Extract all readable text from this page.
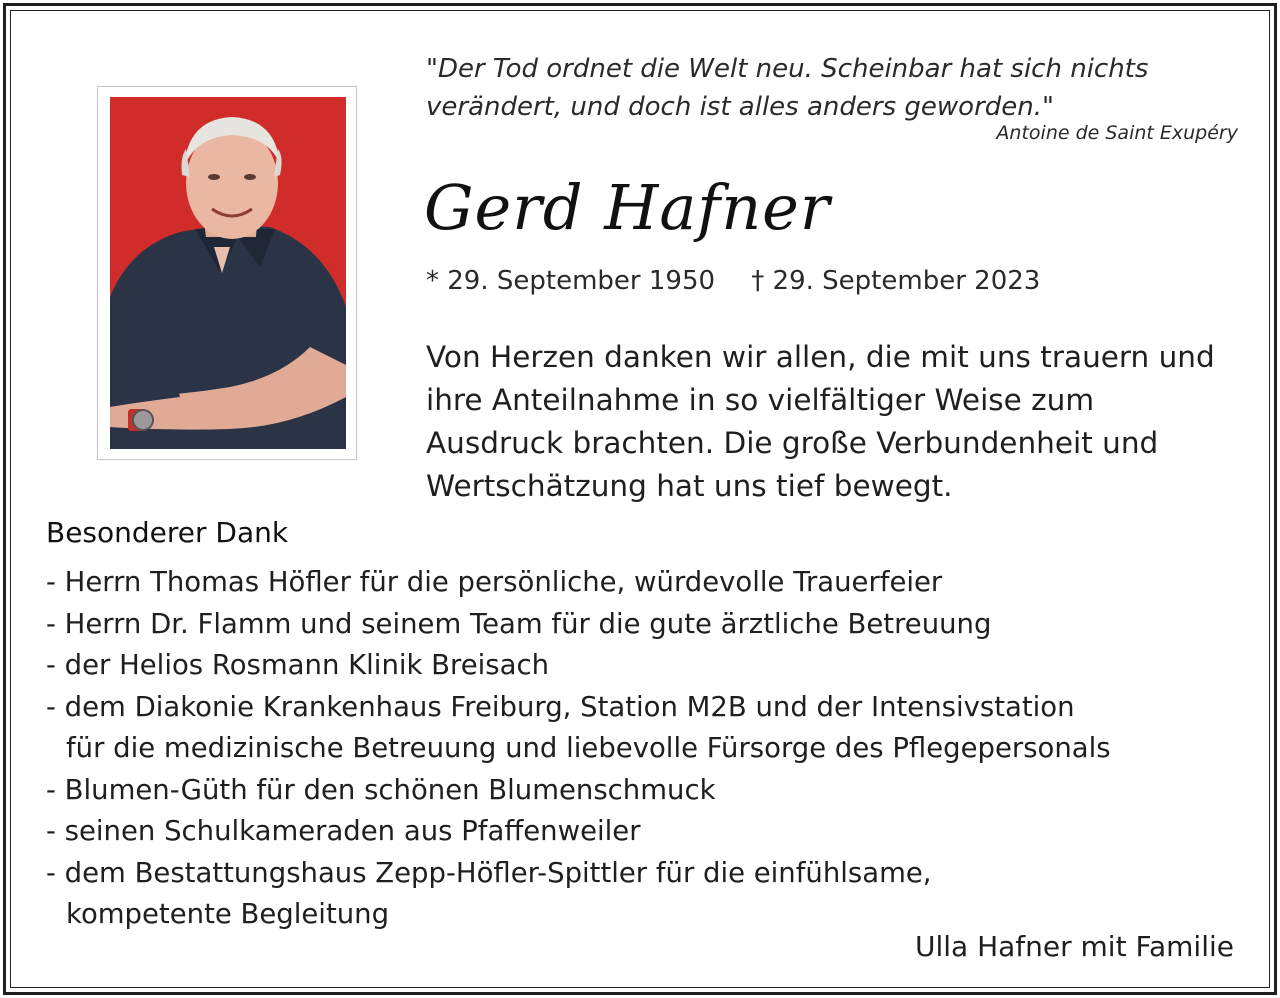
"Der Tod ordnet die Welt neu. Scheinbar hat sich nichts
verändert, und doch ist alles anders geworden."

Antoine de Saint Exupéry
Gerd Hafner
* 29. September 1950 † 29. September 2023

Von Herzen danken wir allen, die mit uns trauern und ihre Anteilnahme in so vielfältiger Weise zum Ausdruck brachten. Die große Verbundenheit und Wertschätzung hat uns tief bewegt.

Besonderer Dank
- Herrn Thomas Höfler für die persönliche, würdevolle Trauerfeier
- Herrn Dr. Flamm und seinem Team für die gute ärztliche Betreuung
- der Helios Rosmann Klinik Breisach
- dem Diakonie Krankenhaus Freiburg, Station M2B und der Intensivstation
für die medizinische Betreuung und liebevolle Fürsorge des Pflegepersonals
- Blumen-Güth für den schönen Blumenschmuck
- seinen Schulkameraden aus Pfaffenweiler
- dem Bestattungshaus Zepp-Höfler-Spittler für die einfühlsame,
kompetente Begleitung
Ulla Hafner mit Familie
